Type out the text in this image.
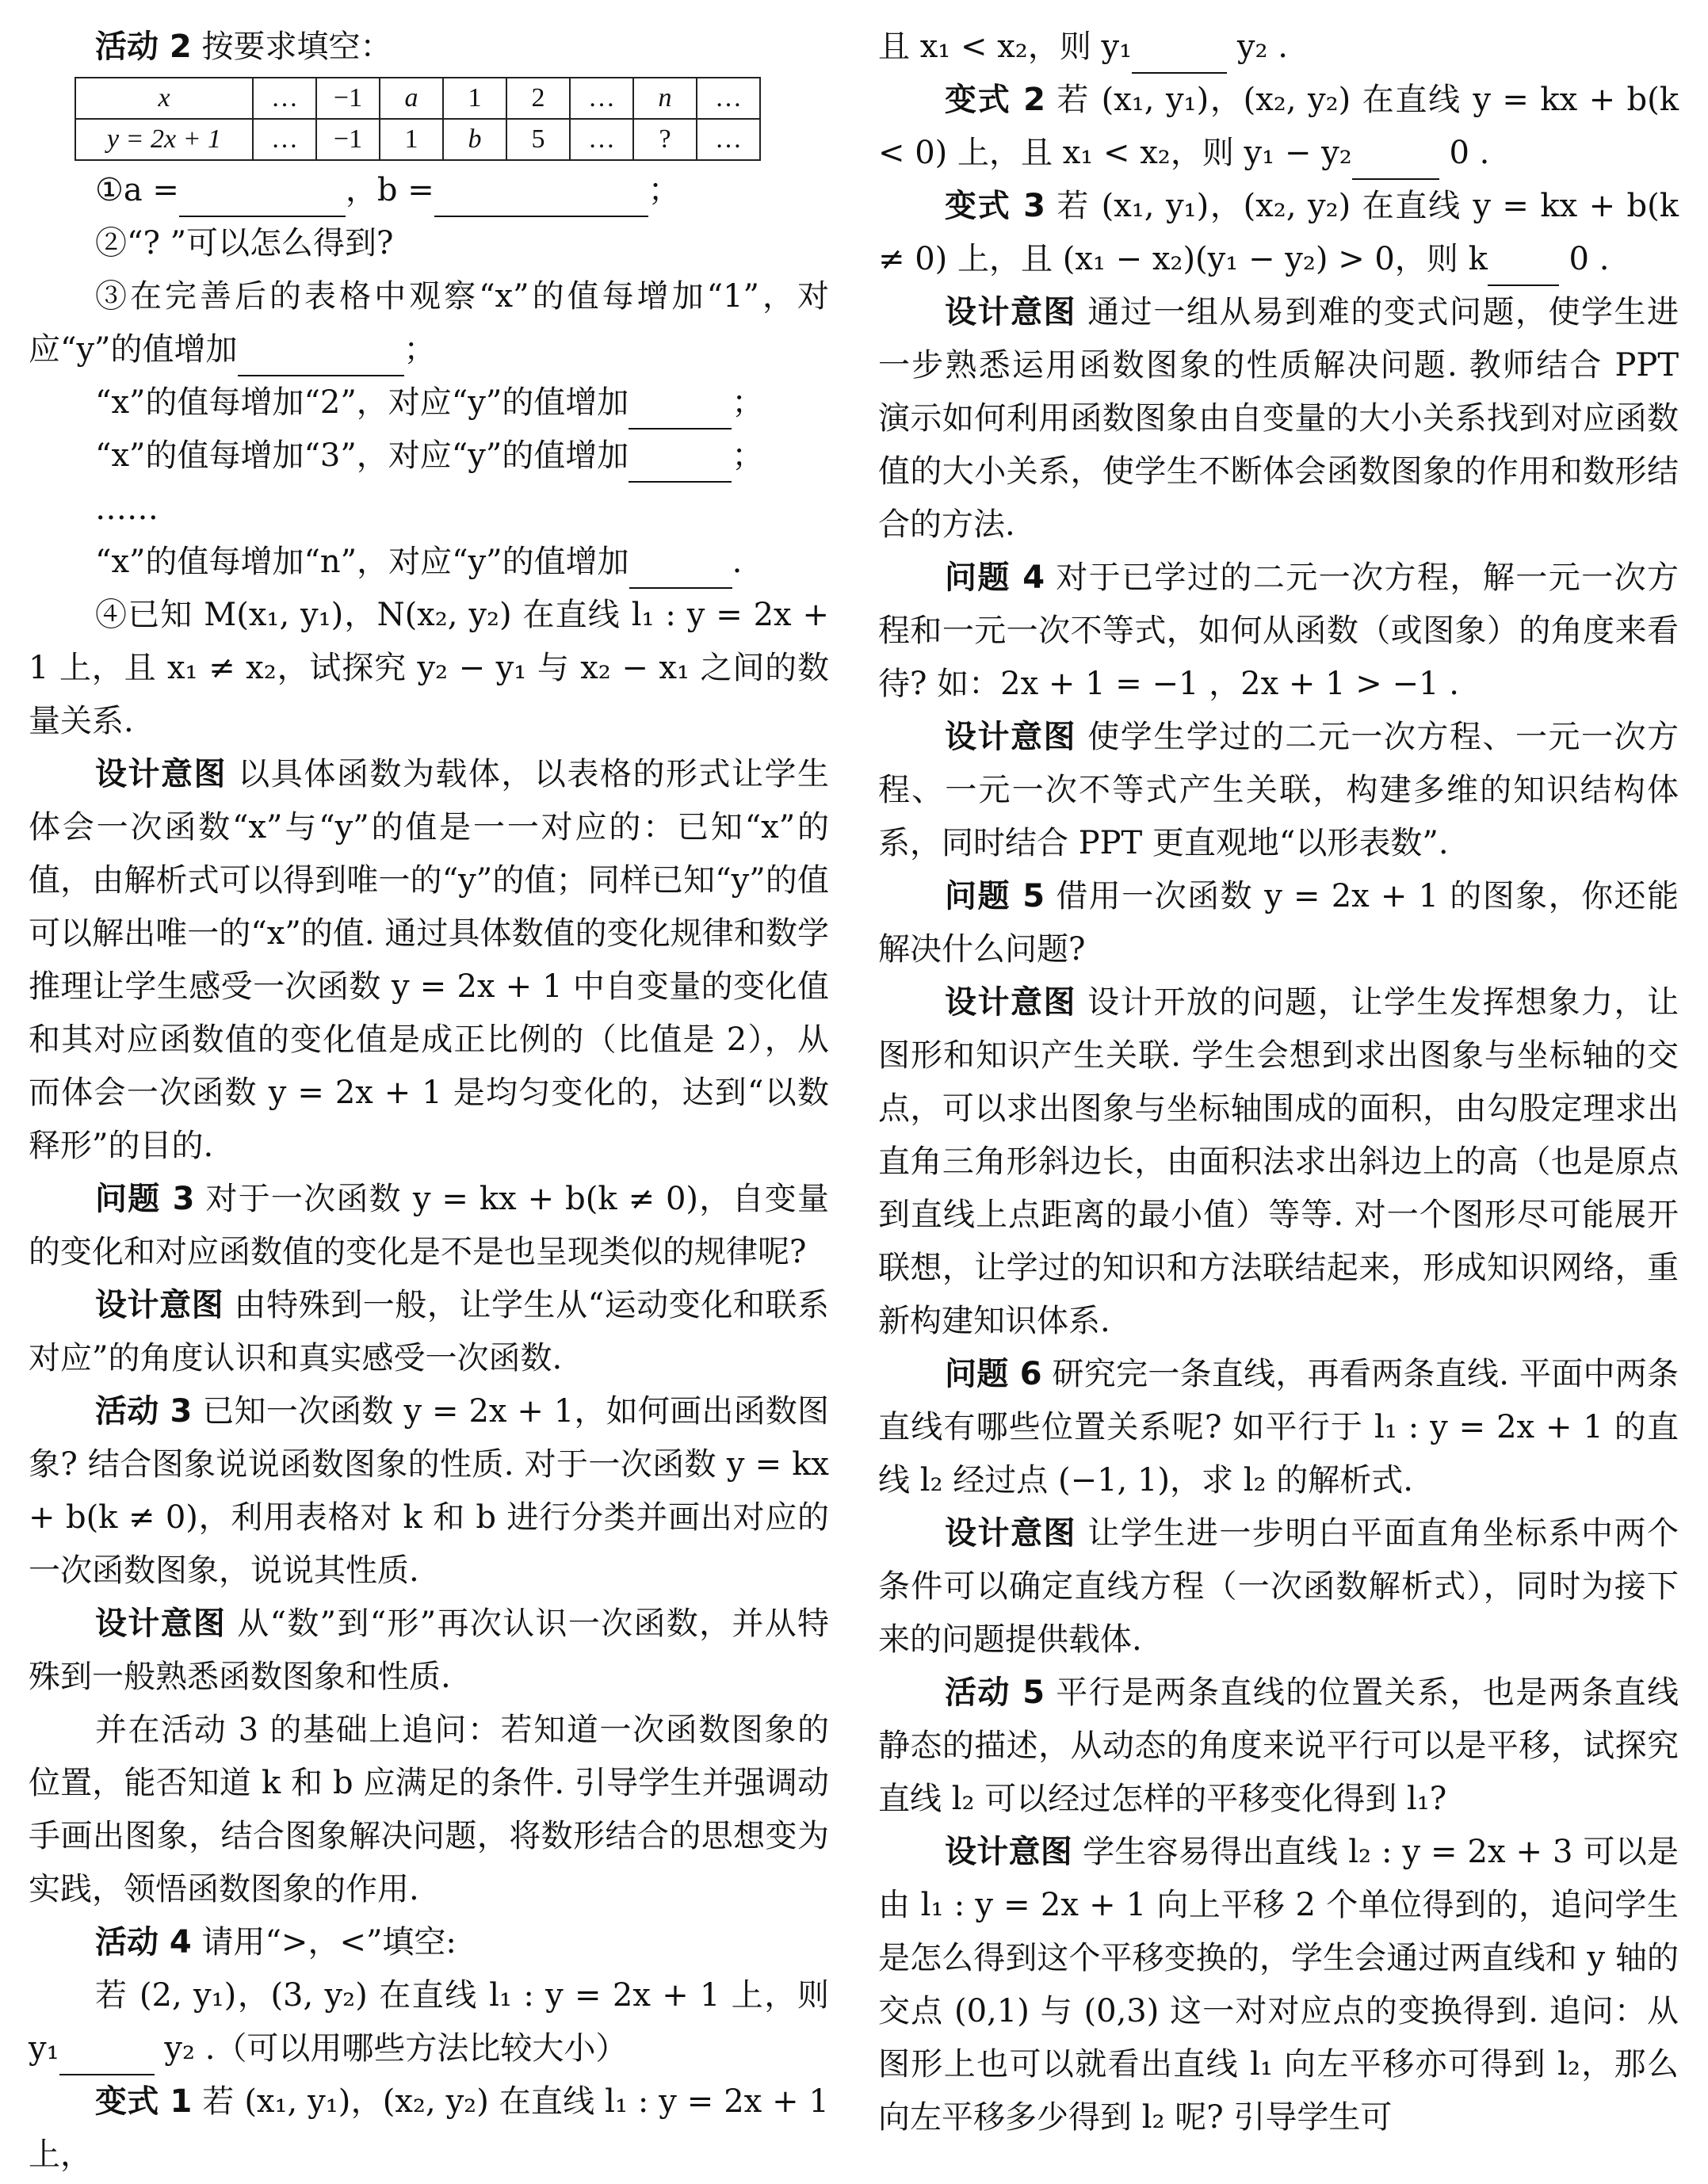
活动 2 按要求填空：

x	…	−1	a	1	2	…	n	…
y = 2x + 1	…	−1	1	b	5	…	?	…

①a =	，b =	；

②“? ”可以怎么得到?

③在完善后的表格中观察“x”的值每增加“1”，对应“y”的值增加	；

“x”的值每增加“2”，对应“y”的值增加	；

“x”的值每增加“3”，对应“y”的值增加	；

……

“x”的值每增加“n”，对应“y”的值增加	.

④已知 M(x₁, y₁)，N(x₂, y₂) 在直线 l₁ : y = 2x + 1 上，且 x₁ ≠ x₂，试探究 y₂ − y₁ 与 x₂ − x₁ 之间的数量关系.

设计意图 以具体函数为载体，以表格的形式让学生体会一次函数“x”与“y”的值是一一对应的：已知“x”的值，由解析式可以得到唯一的“y”的值；同样已知“y”的值可以解出唯一的“x”的值. 通过具体数值的变化规律和数学推理让学生感受一次函数 y = 2x + 1 中自变量的变化值和其对应函数值的变化值是成正比例的（比值是 2），从而体会一次函数 y = 2x + 1 是均匀变化的，达到“以数释形”的目的.

问题 3 对于一次函数 y = kx + b(k ≠ 0)，自变量的变化和对应函数值的变化是不是也呈现类似的规律呢?

设计意图 由特殊到一般，让学生从“运动变化和联系对应”的角度认识和真实感受一次函数.

活动 3 已知一次函数 y = 2x + 1，如何画出函数图象? 结合图象说说函数图象的性质. 对于一次函数 y = kx + b(k ≠ 0)，利用表格对 k 和 b 进行分类并画出对应的一次函数图象，说说其性质.

设计意图 从“数”到“形”再次认识一次函数，并从特殊到一般熟悉函数图象和性质.

并在活动 3 的基础上追问：若知道一次函数图象的位置，能否知道 k 和 b 应满足的条件. 引导学生并强调动手画出图象，结合图象解决问题，将数形结合的思想变为实践，领悟函数图象的作用.

活动 4 请用“>，<”填空:

若 (2, y₁)，(3, y₂) 在直线 l₁ : y = 2x + 1 上，则 y₁	y₂ .（可以用哪些方法比较大小）

变式 1 若 (x₁, y₁)，(x₂, y₂) 在直线 l₁ : y = 2x + 1 上，

且 x₁ < x₂，则 y₁	y₂ .

变式 2 若 (x₁, y₁)，(x₂, y₂) 在直线 y = kx + b(k < 0) 上，且 x₁ < x₂，则 y₁ − y₂	0 .

变式 3 若 (x₁, y₁)，(x₂, y₂) 在直线 y = kx + b(k ≠ 0) 上，且 (x₁ − x₂)(y₁ − y₂) > 0，则 k	0 .

设计意图 通过一组从易到难的变式问题，使学生进一步熟悉运用函数图象的性质解决问题. 教师结合 PPT 演示如何利用函数图象由自变量的大小关系找到对应函数值的大小关系，使学生不断体会函数图象的作用和数形结合的方法.

问题 4 对于已学过的二元一次方程，解一元一次方程和一元一次不等式，如何从函数（或图象）的角度来看待? 如：2x + 1 = −1 ，2x + 1 > −1 .

设计意图 使学生学过的二元一次方程、一元一次方程、一元一次不等式产生关联，构建多维的知识结构体系，同时结合 PPT 更直观地“以形表数”.

问题 5 借用一次函数 y = 2x + 1 的图象，你还能解决什么问题?

设计意图 设计开放的问题，让学生发挥想象力，让图形和知识产生关联. 学生会想到求出图象与坐标轴的交点，可以求出图象与坐标轴围成的面积，由勾股定理求出直角三角形斜边长，由面积法求出斜边上的高（也是原点到直线上点距离的最小值）等等. 对一个图形尽可能展开联想，让学过的知识和方法联结起来，形成知识网络，重新构建知识体系.

问题 6 研究完一条直线，再看两条直线. 平面中两条直线有哪些位置关系呢? 如平行于 l₁ : y = 2x + 1 的直线 l₂ 经过点 (−1, 1)，求 l₂ 的解析式.

设计意图 让学生进一步明白平面直角坐标系中两个条件可以确定直线方程（一次函数解析式），同时为接下来的问题提供载体.

活动 5 平行是两条直线的位置关系，也是两条直线静态的描述，从动态的角度来说平行可以是平移，试探究直线 l₂ 可以经过怎样的平移变化得到 l₁?

设计意图 学生容易得出直线 l₂ : y = 2x + 3 可以是由 l₁ : y = 2x + 1 向上平移 2 个单位得到的，追问学生是怎么得到这个平移变换的，学生会通过两直线和 y 轴的交点 (0,1) 与 (0,3) 这一对对应点的变换得到. 追问：从图形上也可以就看出直线 l₁ 向左平移亦可得到 l₂，那么向左平移多少得到 l₂ 呢? 引导学生可
